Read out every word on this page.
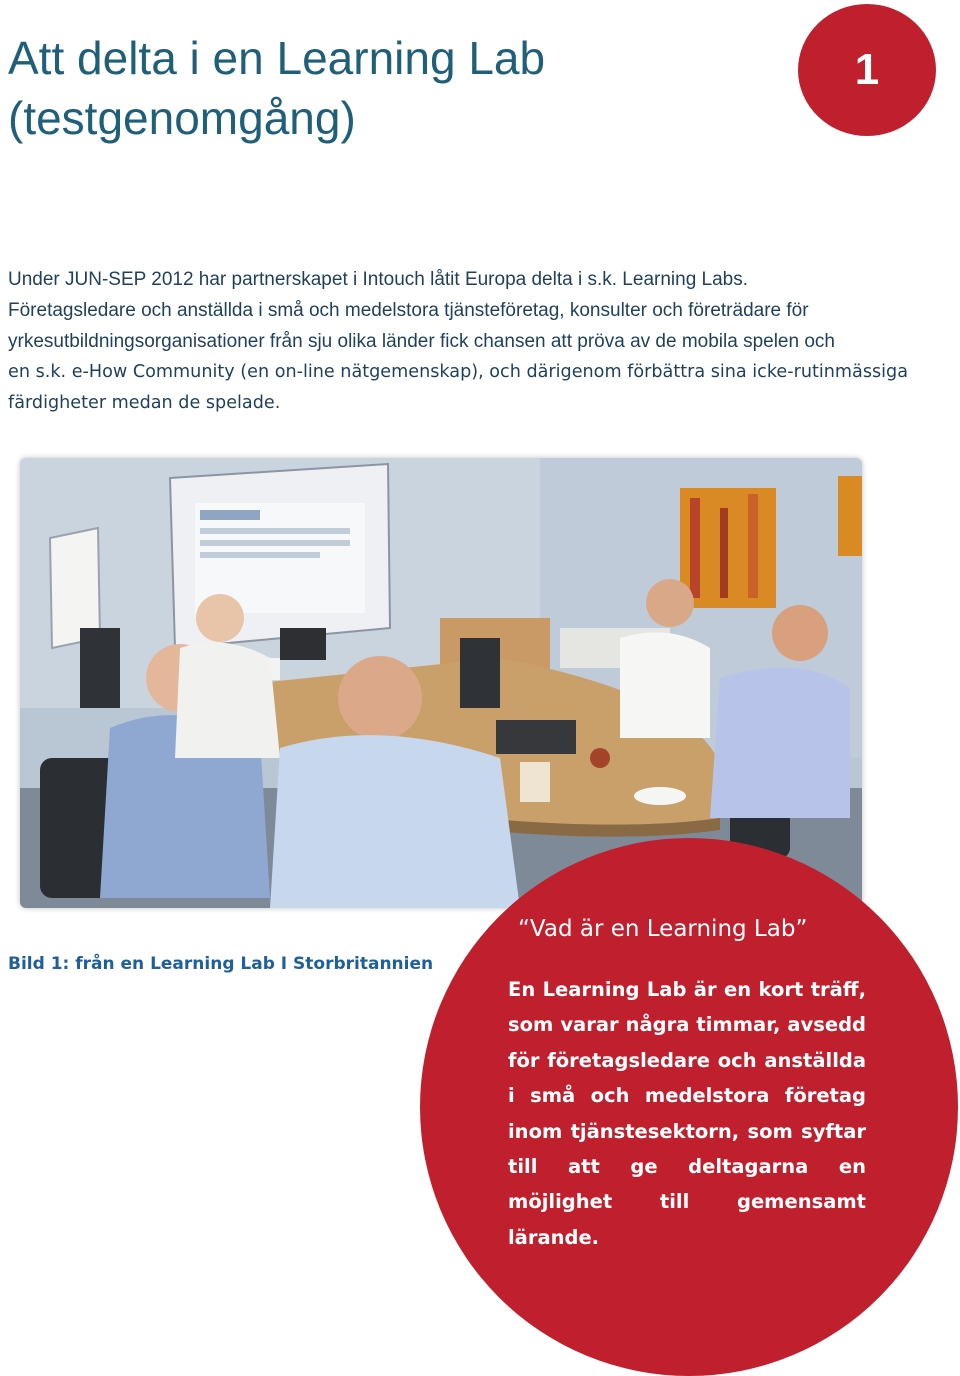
Att delta i en Learning Lab
(testgenomgång)
1

Under JUN-SEP 2012 har partnerskapet i Intouch låtit Europa delta i s.k. Learning Labs.

Företagsledare och anställda i små och medelstora tjänsteföretag, konsulter och företrädare för yrkesutbildningsorganisationer från sju olika länder fick chansen att pröva av de mobila spelen och

en s.k. e-How Community (en on-line nätgemenskap), och därigenom förbättra sina icke-rutinmässiga färdigheter medan de spelade.

Bild 1: från en Learning Lab I Storbritannien
“Vad är en Learning Lab”
En Learning Lab är en kort träff, som varar några timmar, avsedd för företagsledare och anställda i små och medelstora företag inom tjänstesektorn, som syftar till att ge deltagarna en möjlighet till gemensamt lärande.
